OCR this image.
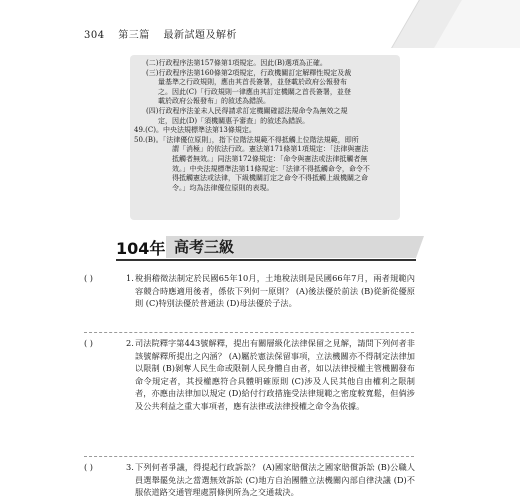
304 第三篇 最新試題及解析

(二)行政程序法第157條第1項規定。因此(B)選項為正確。

(三)行政程序法第160條第2項規定，行政機關訂定解釋性規定及裁

量基準之行政規則，應由其首長簽署，並登載於政府公報發布

之。因此(C)「行政規則一律應由其訂定機關之首長簽署，並登

載於政府公報發布」的敘述為錯誤。

(四)行政程序法並未人民得請求訂定機關確認法規命令為無效之規

定，因此(D)「須機關惠予審查」的敘述為錯誤。

49.(C)。中央法規標準法第13條規定。

50.(B)。「法律優位原則」，指下位階法規範不得抵觸上位階法規範，即所

謂「消極」的依法行政。憲法第171條第1項規定：「法律與憲法

抵觸者無效。」同法第172條規定：「命令與憲法或法律抵觸者無

效。」中央法規標準法第11條規定：「法律不得抵觸命令，命令不

得抵觸憲法或法律，下級機關訂定之命令不得抵觸上級機關之命

令。」均為法律優位原則的表現。

104年 高考三級
( )	1. 稅捐稽徵法制定於民國65年10月，土地稅法則是民國66年7月，兩者規範內容競合時應適用後者，係依下列何一原則？ (A)後法優於前法 (B)從新從優原則 (C)特別法優於普通法 (D)母法優於子法。
( )	2. 司法院釋字第443號解釋，提出有關層級化法律保留之見解，請問下列何者非該號解釋所提出之內涵？ (A)屬於憲法保留事項，立法機關亦不得制定法律加以限制 (B)剝奪人民生命或限制人民身體自由者，如以法律授權主管機關發布命令規定者，其授權應符合具體明確原則 (C)涉及人民其他自由權利之限制者，亦應由法律加以規定 (D)給付行政措施受法律規範之密度較寬鬆，但倘涉及公共利益之重大事項者，應有法律或法律授權之命令為依據。
( )	3. 下列何者爭議，得提起行政訴訟？ (A)國家賠償法之國家賠償訴訟 (B)公職人員選舉罷免法之當選無效訴訟 (C)地方自治團體立法機關內部自律決議 (D)不服依道路交通管理處罰條例所為之交通裁決。
